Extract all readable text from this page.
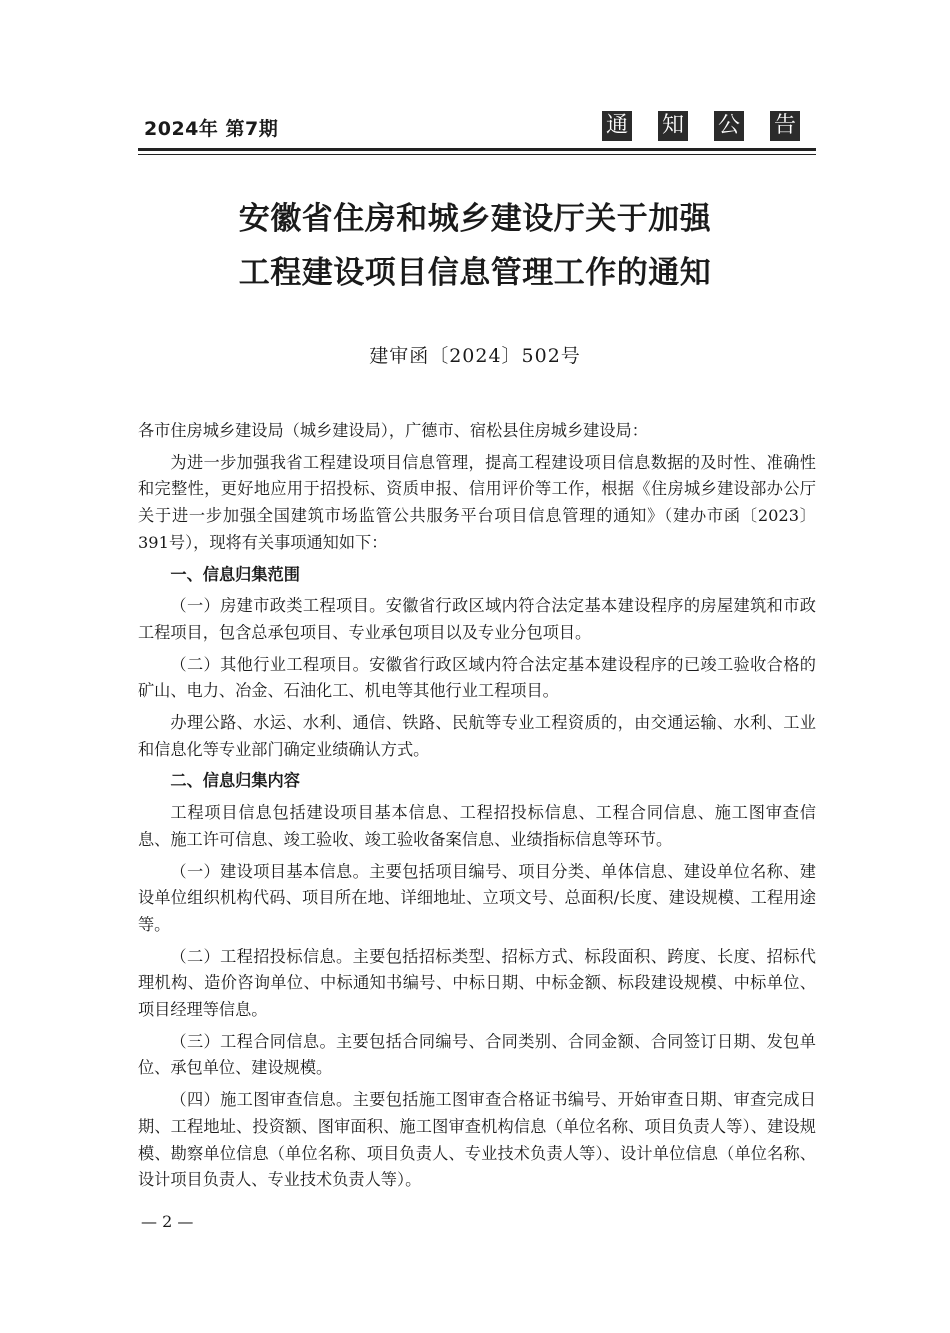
2024年 第7期	通 知 公 告
安徽省住房和城乡建设厅关于加强
工程建设项目信息管理工作的通知
建审函〔2024〕502号

各市住房城乡建设局（城乡建设局），广德市、宿松县住房城乡建设局：

为进一步加强我省工程建设项目信息管理，提高工程建设项目信息数据的及时性、准确性和完整性，更好地应用于招投标、资质申报、信用评价等工作，根据《住房城乡建设部办公厅关于进一步加强全国建筑市场监管公共服务平台项目信息管理的通知》（建办市函〔2023〕391号），现将有关事项通知如下：

一、信息归集范围

（一）房建市政类工程项目。安徽省行政区域内符合法定基本建设程序的房屋建筑和市政工程项目，包含总承包项目、专业承包项目以及专业分包项目。

（二）其他行业工程项目。安徽省行政区域内符合法定基本建设程序的已竣工验收合格的矿山、电力、冶金、石油化工、机电等其他行业工程项目。

办理公路、水运、水利、通信、铁路、民航等专业工程资质的，由交通运输、水利、工业和信息化等专业部门确定业绩确认方式。

二、信息归集内容

工程项目信息包括建设项目基本信息、工程招投标信息、工程合同信息、施工图审查信息、施工许可信息、竣工验收、竣工验收备案信息、业绩指标信息等环节。

（一）建设项目基本信息。主要包括项目编号、项目分类、单体信息、建设单位名称、建设单位组织机构代码、项目所在地、详细地址、立项文号、总面积/长度、建设规模、工程用途等。

（二）工程招投标信息。主要包括招标类型、招标方式、标段面积、跨度、长度、招标代理机构、造价咨询单位、中标通知书编号、中标日期、中标金额、标段建设规模、中标单位、项目经理等信息。

（三）工程合同信息。主要包括合同编号、合同类别、合同金额、合同签订日期、发包单位、承包单位、建设规模。

（四）施工图审查信息。主要包括施工图审查合格证书编号、开始审查日期、审查完成日期、工程地址、投资额、图审面积、施工图审查机构信息（单位名称、项目负责人等）、建设规模、勘察单位信息（单位名称、项目负责人、专业技术负责人等）、设计单位信息（单位名称、设计项目负责人、专业技术负责人等）。

— 2 —
